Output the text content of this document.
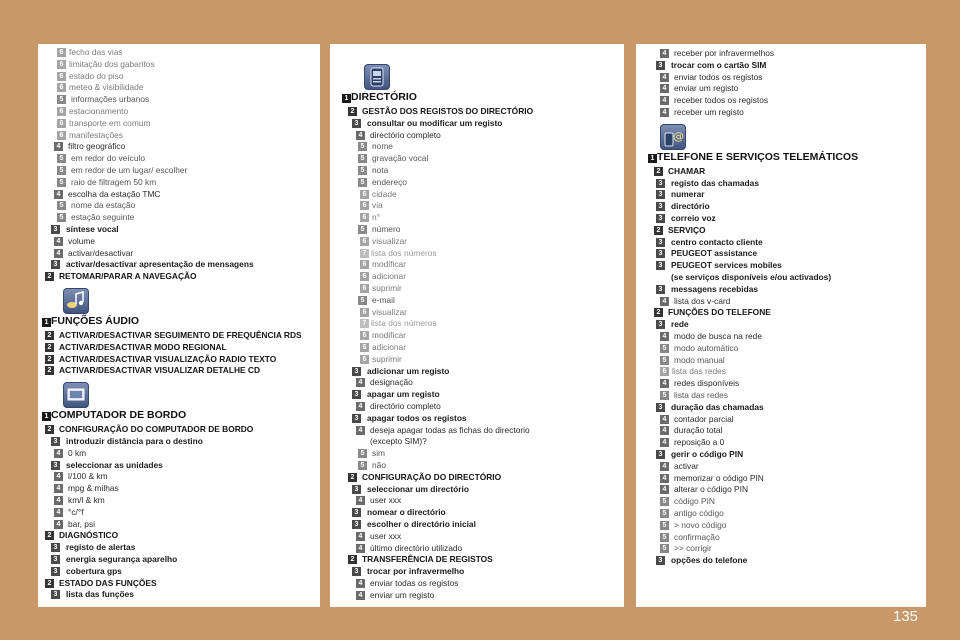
6 fecho das vias
6 limitação dos gabaritos
6 estado do piso
6 meteo & visibilidade
5 informações urbanos
6 estacionamento
6 transporte em comum
6 manifestações
4 filtro geográfico
5 em redor do veículo
5 em redor de um lugar/ escolher
5 raio de filtragem 50 km
4 escolha da estação TMC
5 nome da estação
5 estação seguinte
3	síntese vocal
4 volume
4 activar/desactivar
3	activar/desactivar apresentação de mensagens
2 RETOMAR/PARAR A NAVEGAÇÃO
1 FUNÇÕES ÁUDIO
2 ACTIVAR/DESACTIVAR SEGUIMENTO DE FREQUÊNCIA RDS
2 ACTIVAR/DESACTIVAR MODO REGIONAL
2 ACTIVAR/DESACTIVAR VISUALIZAÇÃO RADIO TEXTO
2 ACTIVAR/DESACTIVAR VISUALIZAR DETALHE CD
1 COMPUTADOR DE BORDO
2 CONFIGURAÇÃO DO COMPUTADOR DE BORDO
3	introduzir distância para o destino
4 0 km
3	seleccionar as unidades
4 l/100 & km
4 mpg & milhas
4 km/l & km
4 °c/°f
4 bar, psi
2 DIAGNÓSTICO
3	registo de alertas
3	energia segurança aparelho
3	cobertura gps
2 ESTADO DAS FUNÇÕES
3	lista das funções
1 DIRECTÓRIO
2 GESTÃO DOS REGISTOS DO DIRECTÓRIO
3	consultar ou modificar um registo
4 directório completo
5 nome
5 gravação vocal
5 nota
5 endereço
6 cidade
6 via
6 n°
5 número
6 visualizar
7 lista dos números
6 modificar
6 adicionar
6 suprimir
5 e-mail
6 visualizar
7 lista dos números
6 modificar
6 adicionar
6 suprimir
3	adicionar um registo
4 designação
3	apagar um registo
4 directório completo
3	apagar todos os registos
4 deseja apagar todas as fichas do directorio
(excepto SIM)?
5 sim
5 não
2 CONFIGURAÇÃO DO DIRECTÓRIO
3	seleccionar um directório
4 user xxx
3	nomear o directório
3	escolher o directório inicial
4 user xxx
4 último directório utilizado
2 TRANSFERÊNCIA DE REGISTOS
3	trocar por infravermelho
4 enviar todas os registos
4 enviar um registo
4 receber por infravermelhos
3	trocar com o cartão SIM
4 enviar todos os registos
4 enviar um registo
4 receber todos os registos
4 receber um registo
@
1 TELEFONE E SERVIÇOS TELEMÁTICOS
2 CHAMAR
3	registo das chamadas
3	numerar
3	directório
3	correio voz
2 SERVIÇO
3	centro contacto cliente
3	PEUGEOT assistance
3	PEUGEOT services mobiles
(se serviços disponíveis e/ou activados)
3	messagens recebidas
4 lista dos v-card
2 FUNÇÕES DO TELEFONE
3	rede
4 modo de busca na rede
5 modo automático
5 modo manual
6 lista das redes
4 redes disponíveis
5 lista das redes
3	duração das chamadas
4 contador parcial
4 duração total
4 reposição a 0
3	gerir o código PIN
4 activar
4 memorizar o código PIN
4 alterar o código PIN
5 código PIN
5 antigo código
5 > novo código
5 confirmação
5 >> corrigir
3	opções do telefone
135
